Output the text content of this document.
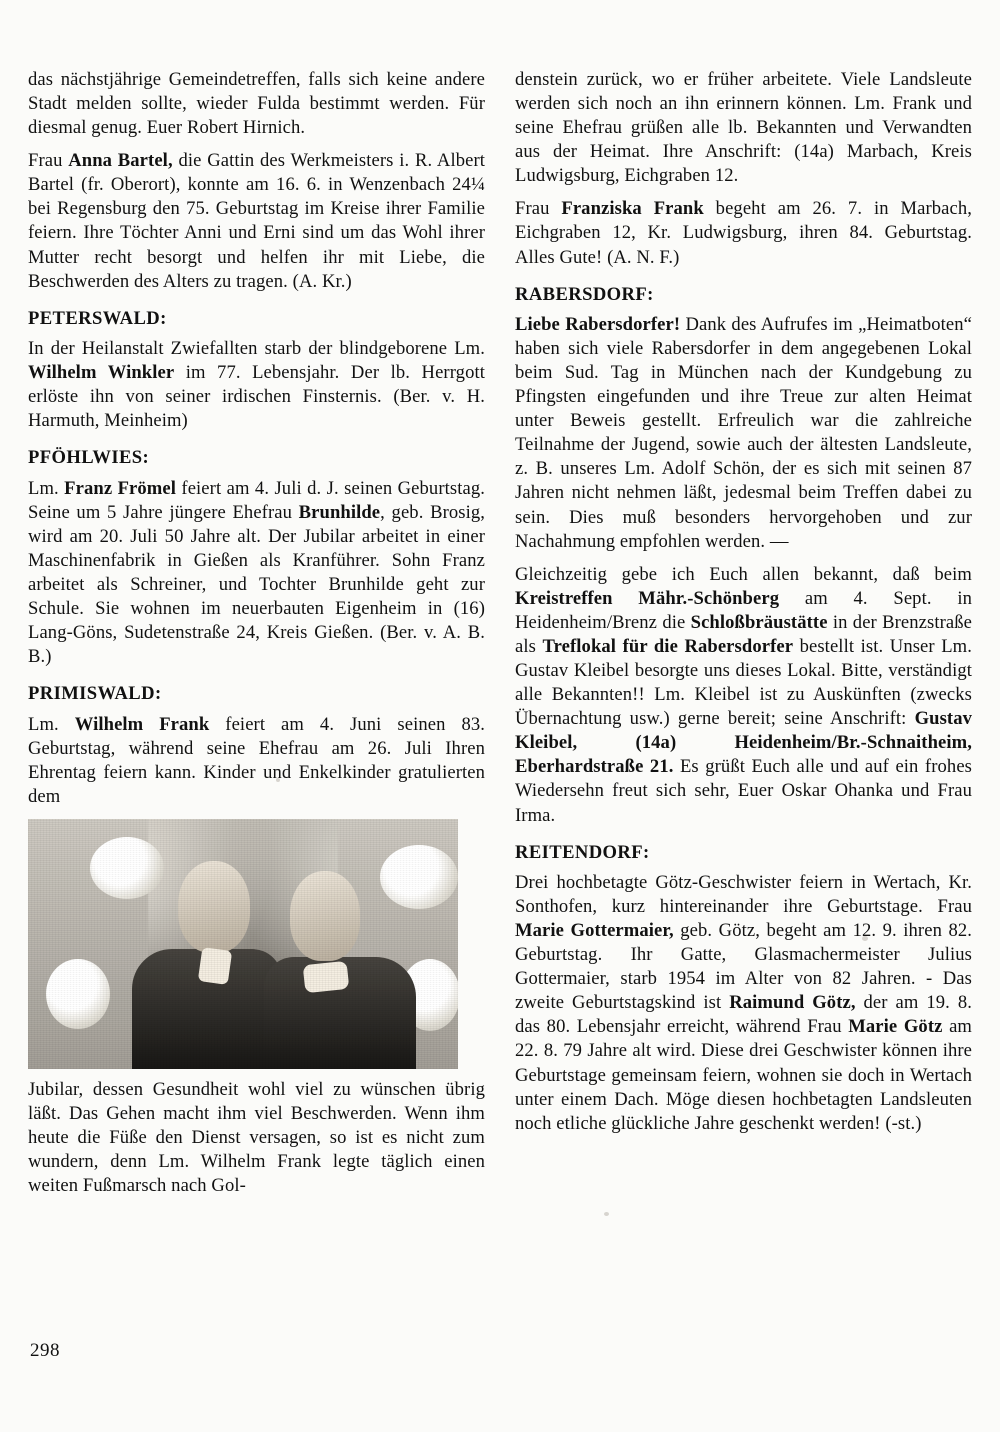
das nächstjährige Gemeindetreffen, falls sich keine andere Stadt melden sollte, wieder Fulda bestimmt werden. Für diesmal genug. Euer Robert Hirnich.

Frau Anna Bartel, die Gattin des Werkmeisters i. R. Albert Bartel (fr. Oberort), konnte am 16. 6. in Wenzenbach 24¼ bei Regensburg den 75. Geburtstag im Kreise ihrer Familie feiern. Ihre Töchter Anni und Erni sind um das Wohl ihrer Mutter recht besorgt und helfen ihr mit Liebe, die Beschwerden des Alters zu tragen. (A. Kr.)

PETERSWALD:

In der Heilanstalt Zwiefallten starb der blindgeborene Lm. Wilhelm Winkler im 77. Lebensjahr. Der lb. Herrgott erlöste ihn von seiner irdischen Finsternis. (Ber. v. H. Harmuth, Meinheim)

PFÖHLWIES:

Lm. Franz Frömel feiert am 4. Juli d. J. seinen Geburtstag. Seine um 5 Jahre jüngere Ehefrau Brunhilde, geb. Brosig, wird am 20. Juli 50 Jahre alt. Der Jubilar arbeitet in einer Maschinenfabrik in Gießen als Kranführer. Sohn Franz arbeitet als Schreiner, und Tochter Brunhilde geht zur Schule. Sie wohnen im neuerbauten Eigenheim in (16) Lang-Göns, Sudetenstraße 24, Kreis Gießen. (Ber. v. A. B. B.)

PRIMISWALD:

Lm. Wilhelm Frank feiert am 4. Juni seinen 83. Geburtstag, während seine Ehefrau am 26. Juli Ihren Ehrentag feiern kann. Kinder und Enkelkinder gratulierten dem

Jubilar, dessen Gesundheit wohl viel zu wünschen übrig läßt. Das Gehen macht ihm viel Beschwerden. Wenn ihm heute die Füße den Dienst versagen, so ist es nicht zum wundern, denn Lm. Wilhelm Frank legte täglich einen weiten Fußmarsch nach Gol-

denstein zurück, wo er früher arbeitete. Viele Landsleute werden sich noch an ihn erinnern können. Lm. Frank und seine Ehefrau grüßen alle lb. Bekannten und Verwandten aus der Heimat. Ihre Anschrift: (14a) Marbach, Kreis Ludwigsburg, Eichgraben 12.

Frau Franziska Frank begeht am 26. 7. in Marbach, Eichgraben 12, Kr. Ludwigsburg, ihren 84. Geburtstag. Alles Gute! (A. N. F.)

RABERSDORF:

Liebe Rabersdorfer! Dank des Aufrufes im „Heimatboten“ haben sich viele Rabersdorfer in dem angegebenen Lokal beim Sud. Tag in München nach der Kundgebung zu Pfingsten eingefunden und ihre Treue zur alten Heimat unter Beweis gestellt. Erfreulich war die zahlreiche Teilnahme der Jugend, sowie auch der ältesten Landsleute, z. B. unseres Lm. Adolf Schön, der es sich mit seinen 87 Jahren nicht nehmen läßt, jedesmal beim Treffen dabei zu sein. Dies muß besonders hervorgehoben und zur Nachahmung empfohlen werden. —

Gleichzeitig gebe ich Euch allen bekannt, daß beim Kreistreffen Mähr.-Schönberg am 4. Sept. in Heidenheim/Brenz die Schloßbräustätte in der Brenzstraße als Treflokal für die Rabersdorfer bestellt ist. Unser Lm. Gustav Kleibel besorgte uns dieses Lokal. Bitte, verständigt alle Bekannten!! Lm. Kleibel ist zu Auskünften (zwecks Übernachtung usw.) gerne bereit; seine Anschrift: Gustav Kleibel, (14a) Heidenheim/Br.-Schnaitheim, Eberhardstraße 21. Es grüßt Euch alle und auf ein frohes Wiedersehn freut sich sehr, Euer Oskar Ohanka und Frau Irma.

REITENDORF:

Drei hochbetagte Götz-Geschwister feiern in Wertach, Kr. Sonthofen, kurz hintereinander ihre Geburtstage. Frau Marie Gottermaier, geb. Götz, begeht am 12. 9. ihren 82. Geburtstag. Ihr Gatte, Glasmachermeister Julius Gottermaier, starb 1954 im Alter von 82 Jahren. - Das zweite Geburtstagskind ist Raimund Götz, der am 19. 8. das 80. Lebensjahr erreicht, während Frau Marie Götz am 22. 8. 79 Jahre alt wird. Diese drei Geschwister können ihre Geburtstage gemeinsam feiern, wohnen sie doch in Wertach unter einem Dach. Möge diesen hochbetagten Landsleuten noch etliche glückliche Jahre geschenkt werden! (-st.)

298
